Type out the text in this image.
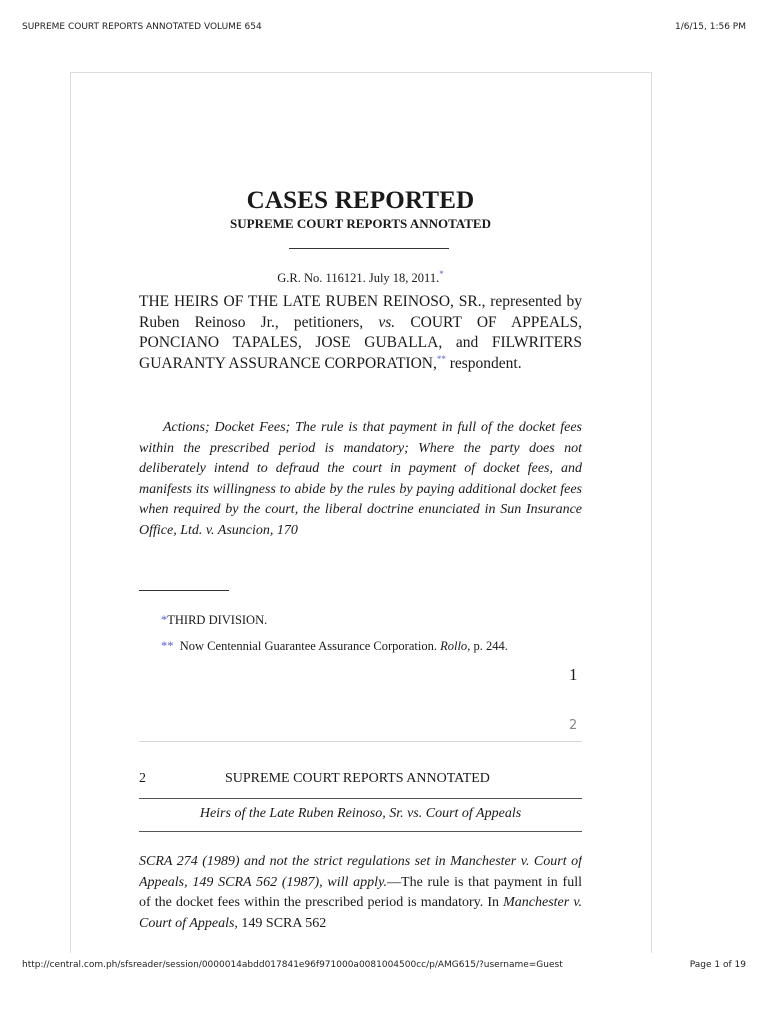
SUPREME COURT REPORTS ANNOTATED VOLUME 654	1/6/15, 1:56 PM
CASES REPORTED
SUPREME COURT REPORTS ANNOTATED
G.R. No. 116121. July 18, 2011.*
THE HEIRS OF THE LATE RUBEN REINOSO, SR., represented by Ruben Reinoso Jr., petitioners, vs. COURT OF APPEALS, PONCIANO TAPALES, JOSE GUBALLA, and FILWRITERS GUARANTY ASSURANCE CORPORATION,** respondent.
Actions; Docket Fees; The rule is that payment in full of the docket fees within the prescribed period is mandatory; Where the party does not deliberately intend to defraud the court in payment of docket fees, and manifests its willingness to abide by the rules by paying additional docket fees when required by the court, the liberal doctrine enunciated in Sun Insurance Office, Ltd. v. Asuncion, 170
*THIRD DIVISION.
** Now Centennial Guarantee Assurance Corporation. Rollo, p. 244.
1
2
2	SUPREME COURT REPORTS ANNOTATED
Heirs of the Late Ruben Reinoso, Sr. vs. Court of Appeals
SCRA 274 (1989) and not the strict regulations set in Manchester v. Court of Appeals, 149 SCRA 562 (1987), will apply.—The rule is that payment in full of the docket fees within the prescribed period is mandatory. In Manchester v. Court of Appeals, 149 SCRA 562
http://central.com.ph/sfsreader/session/0000014abdd017841e96f971000a0081004500cc/p/AMG615/?username=Guest	Page 1 of 19
